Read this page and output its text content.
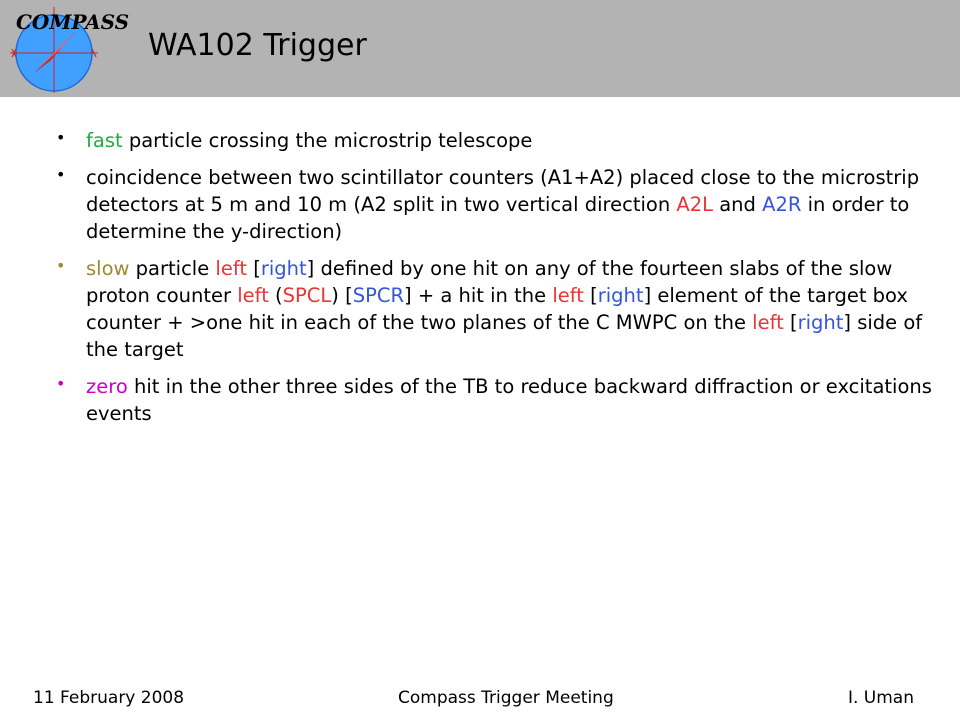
COMPASS
WA102 Trigger
• fast particle crossing the microstrip telescope
• coincidence between two scintillator counters (A1+A2) placed close to the microstrip detectors at 5 m and 10 m (A2 split in two vertical direction A2L and A2R in order to determine the y-direction)
• slow particle left [right] defined by one hit on any of the fourteen slabs of the slow proton counter left (SPCL) [SPCR] + a hit in the left [right] element of the target box counter + >one hit in each of the two planes of the C MWPC on the left [right] side of the target
• zero hit in the other three sides of the TB to reduce backward diffraction or excitations events
11 February 2008	Compass Trigger Meeting	I. Uman
